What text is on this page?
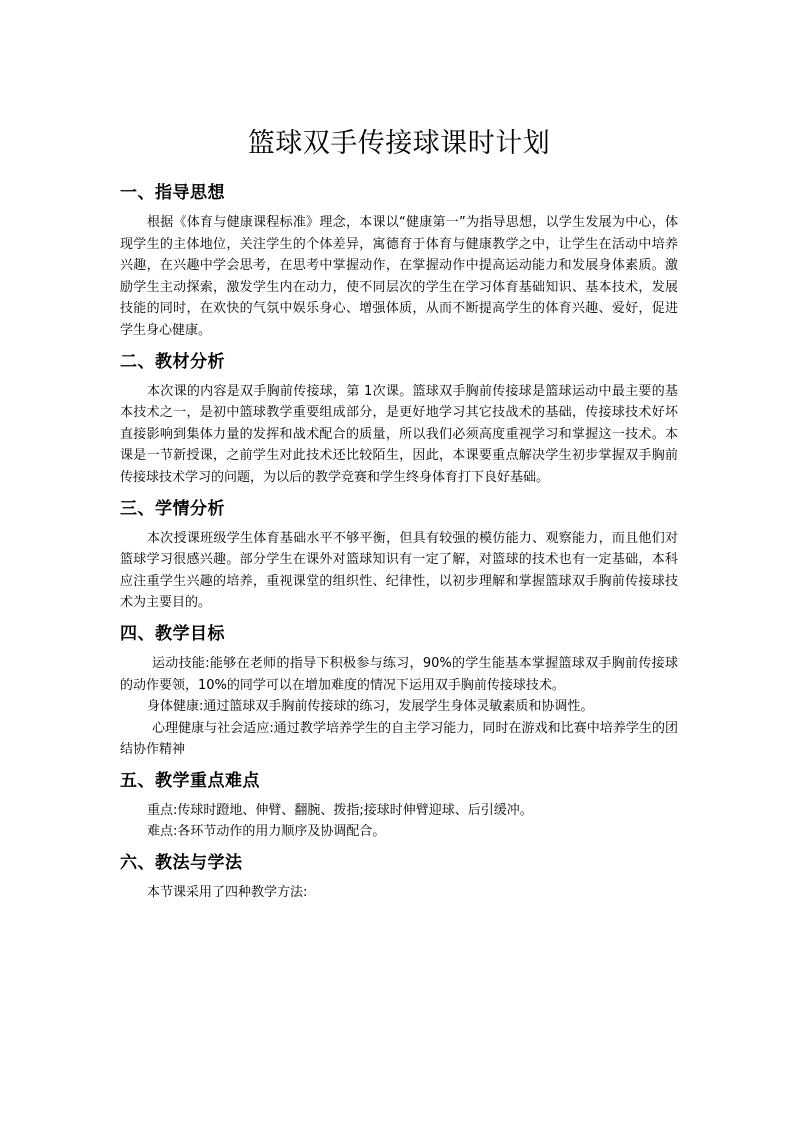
篮球双手传接球课时计划
一、指导思想

根据《体育与健康课程标准》理念，本课以“健康第一”为指导思想，以学生发展为中心，体现学生的主体地位，关注学生的个体差异，寓德育于体育与健康教学之中，让学生在活动中培养兴趣，在兴趣中学会思考，在思考中掌握动作，在掌握动作中提高运动能力和发展身体素质。激励学生主动探索，激发学生内在动力，使不同层次的学生在学习体育基础知识、基本技术，发展技能的同时，在欢快的气氛中娱乐身心、增强体质，从而不断提高学生的体育兴趣、爱好，促进学生身心健康。

二、教材分析

本次课的内容是双手胸前传接球，第 1次课。篮球双手胸前传接球是篮球运动中最主要的基本技术之一，是初中篮球教学重要组成部分，是更好地学习其它技战术的基础，传接球技术好坏直接影响到集体力量的发挥和战术配合的质量，所以我们必须高度重视学习和掌握这一技术。本课是一节新授课，之前学生对此技术还比较陌生，因此，本课要重点解决学生初步掌握双手胸前传接球技术学习的问题，为以后的教学竞赛和学生终身体育打下良好基础。

三、学情分析

本次授课班级学生体育基础水平不够平衡，但具有较强的模仿能力、观察能力，而且他们对篮球学习很感兴趣。部分学生在课外对篮球知识有一定了解，对篮球的技术也有一定基础，本科应注重学生兴趣的培养，重视课堂的组织性、纪律性，以初步理解和掌握篮球双手胸前传接球技术为主要目的。

四、教学目标

运动技能:能够在老师的指导下积极参与练习，90%的学生能基本掌握篮球双手胸前传接球的动作要领，10%的同学可以在增加难度的情况下运用双手胸前传接球技术。

身体健康:通过篮球双手胸前传接球的练习，发展学生身体灵敏素质和协调性。

心理健康与社会适应:通过教学培养学生的自主学习能力，同时在游戏和比赛中培养学生的团结协作精神

五、教学重点难点

重点:传球时蹬地、伸臂、翻腕、拨指;接球时伸臂迎球、后引缓冲。

难点:各环节动作的用力顺序及协调配合。

六、教法与学法

本节课采用了四种教学方法:
